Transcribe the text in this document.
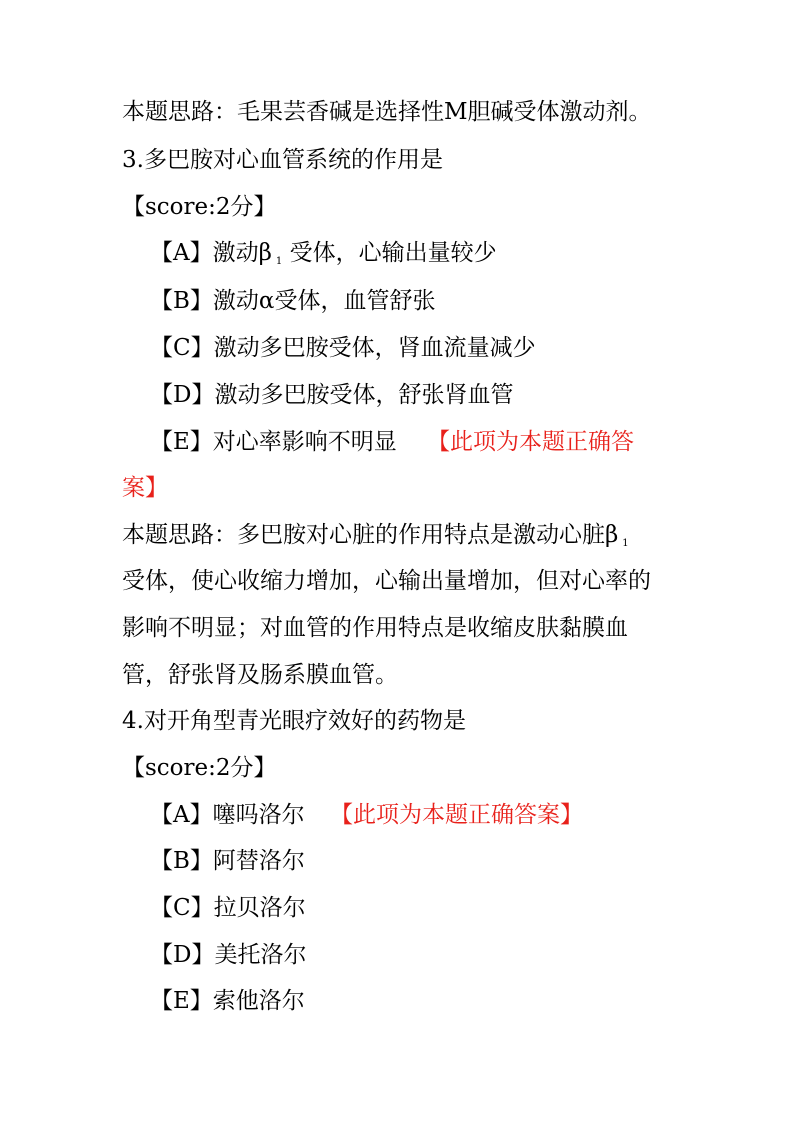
本题思路：毛果芸香碱是选择性M胆碱受体激动剂。
3.多巴胺对心血管系统的作用是
【score:2分】
【A】激动β $_1$ 受体，心输出量较少
【B】激动α受体，血管舒张
【C】激动多巴胺受体，肾血流量减少
【D】激动多巴胺受体，舒张肾血管
【E】对心率影响不明显 【此项为本题正确答
案】
本题思路：多巴胺对心脏的作用特点是激动心脏β $_1$
受体，使心收缩力增加，心输出量增加，但对心率的
影响不明显；对血管的作用特点是收缩皮肤黏膜血
管，舒张肾及肠系膜血管。
4.对开角型青光眼疗效好的药物是
【score:2分】
【A】噻吗洛尔 【此项为本题正确答案】
【B】阿替洛尔
【C】拉贝洛尔
【D】美托洛尔
【E】索他洛尔
